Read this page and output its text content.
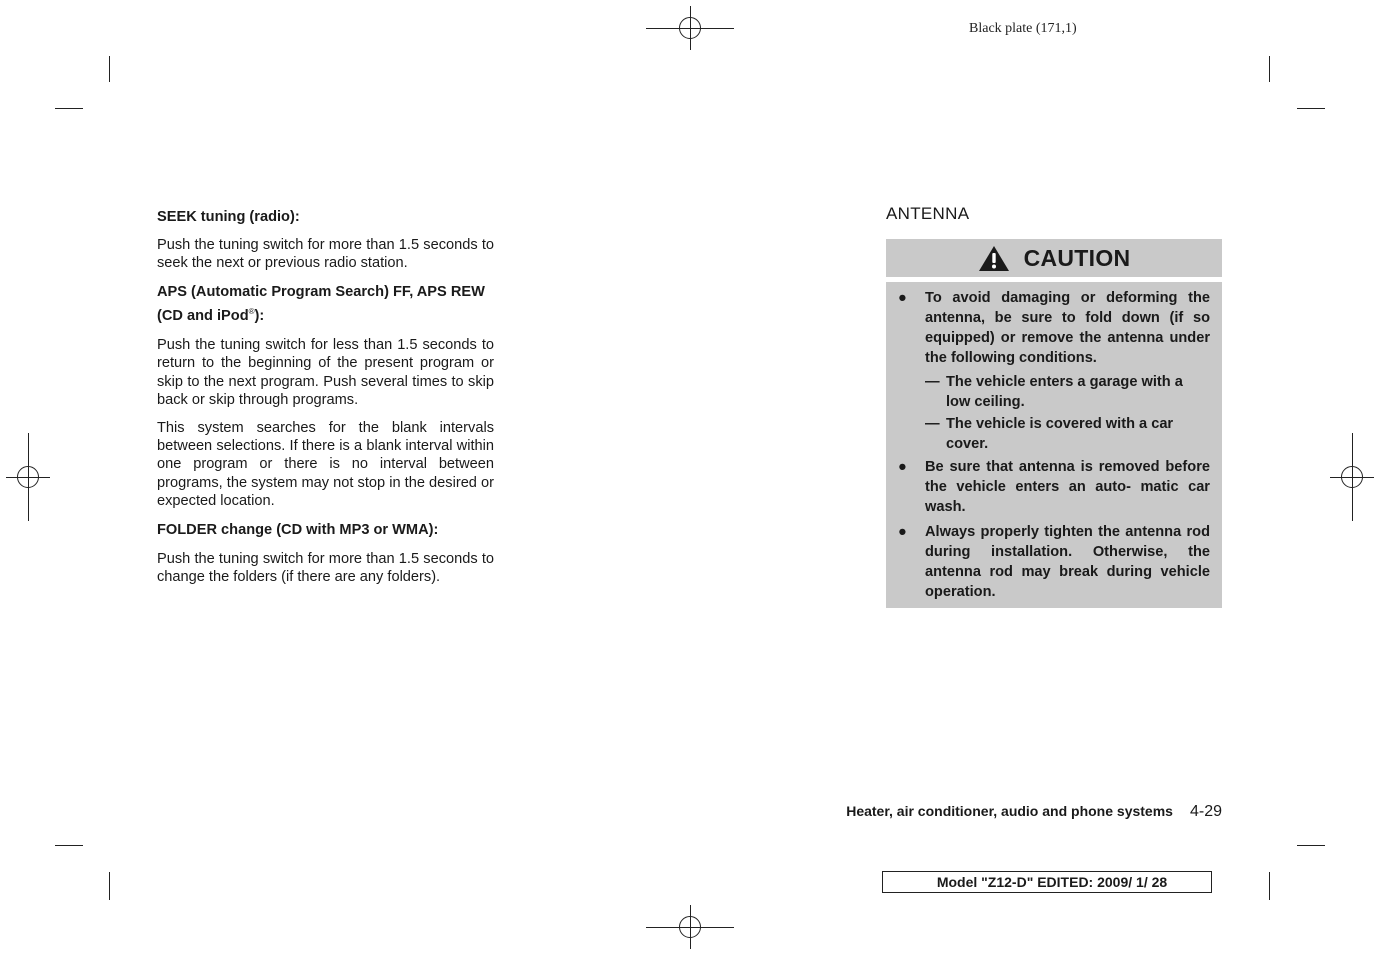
Black plate (171,1)
SEEK tuning (radio):

Push the tuning switch for more than 1.5 seconds to seek the next or previous radio station.

APS (Automatic Program Search) FF, APS REW (CD and iPod®):

Push the tuning switch for less than 1.5 seconds to return to the beginning of the present program or skip to the next program. Push several times to skip back or skip through programs.

This system searches for the blank intervals between selections. If there is a blank interval within one program or there is no interval between programs, the system may not stop in the desired or expected location.

FOLDER change (CD with MP3 or WMA):

Push the tuning switch for more than 1.5 seconds to change the folders (if there are any folders).

ANTENNA
CAUTION
●	To avoid damaging or deforming the antenna, be sure to fold down (if so equipped) or remove the antenna under the following conditions.
— The vehicle enters a garage with a low ceiling.
— The vehicle is covered with a car cover.
●	Be sure that antenna is removed before the vehicle enters an auto- matic car wash.
●	Always properly tighten the antenna rod during installation. Otherwise, the antenna rod may break during vehicle operation.
Heater, air conditioner, audio and phone systems 4-29
Model "Z12-D" EDITED: 2009/ 1/ 28
